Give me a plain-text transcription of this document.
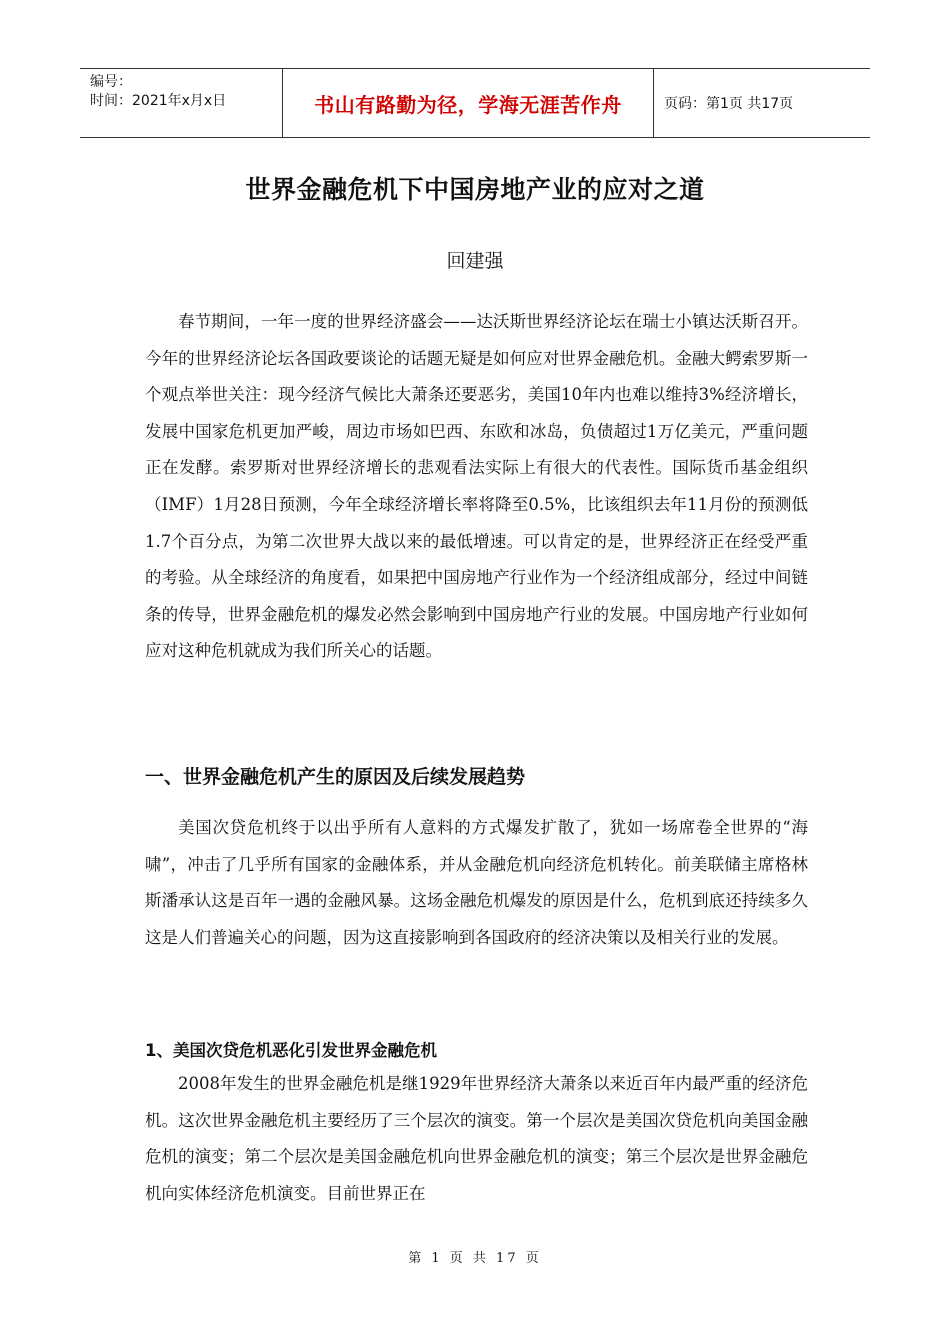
编号：
时间：2021年x月x日	书山有路勤为径，学海无涯苦作舟	页码：第1页 共17页
世界金融危机下中国房地产业的应对之道
回建强

春节期间，一年一度的世界经济盛会——达沃斯世界经济论坛在瑞士小镇达沃斯召开。今年的世界经济论坛各国政要谈论的话题无疑是如何应对世界金融危机。金融大鳄索罗斯一个观点举世关注：现今经济气候比大萧条还要恶劣，美国10年内也难以维持3%经济增长，发展中国家危机更加严峻，周边市场如巴西、东欧和冰岛，负债超过1万亿美元，严重问题正在发酵。索罗斯对世界经济增长的悲观看法实际上有很大的代表性。国际货币基金组织（IMF）1月28日预测，今年全球经济增长率将降至0.5%，比该组织去年11月份的预测低1.7个百分点，为第二次世界大战以来的最低增速。可以肯定的是，世界经济正在经受严重的考验。从全球经济的角度看，如果把中国房地产行业作为一个经济组成部分，经过中间链条的传导，世界金融危机的爆发必然会影响到中国房地产行业的发展。中国房地产行业如何应对这种危机就成为我们所关心的话题。

一、世界金融危机产生的原因及后续发展趋势

美国次贷危机终于以出乎所有人意料的方式爆发扩散了，犹如一场席卷全世界的“海啸”，冲击了几乎所有国家的金融体系，并从金融危机向经济危机转化。前美联储主席格林斯潘承认这是百年一遇的金融风暴。这场金融危机爆发的原因是什么，危机到底还持续多久这是人们普遍关心的问题，因为这直接影响到各国政府的经济决策以及相关行业的发展。

1、美国次贷危机恶化引发世界金融危机

2008年发生的世界金融危机是继1929年世界经济大萧条以来近百年内最严重的经济危机。这次世界金融危机主要经历了三个层次的演变。第一个层次是美国次贷危机向美国金融危机的演变；第二个层次是美国金融危机向世界金融危机的演变；第三个层次是世界金融危机向实体经济危机演变。目前世界正在

第 1 页 共 17 页
